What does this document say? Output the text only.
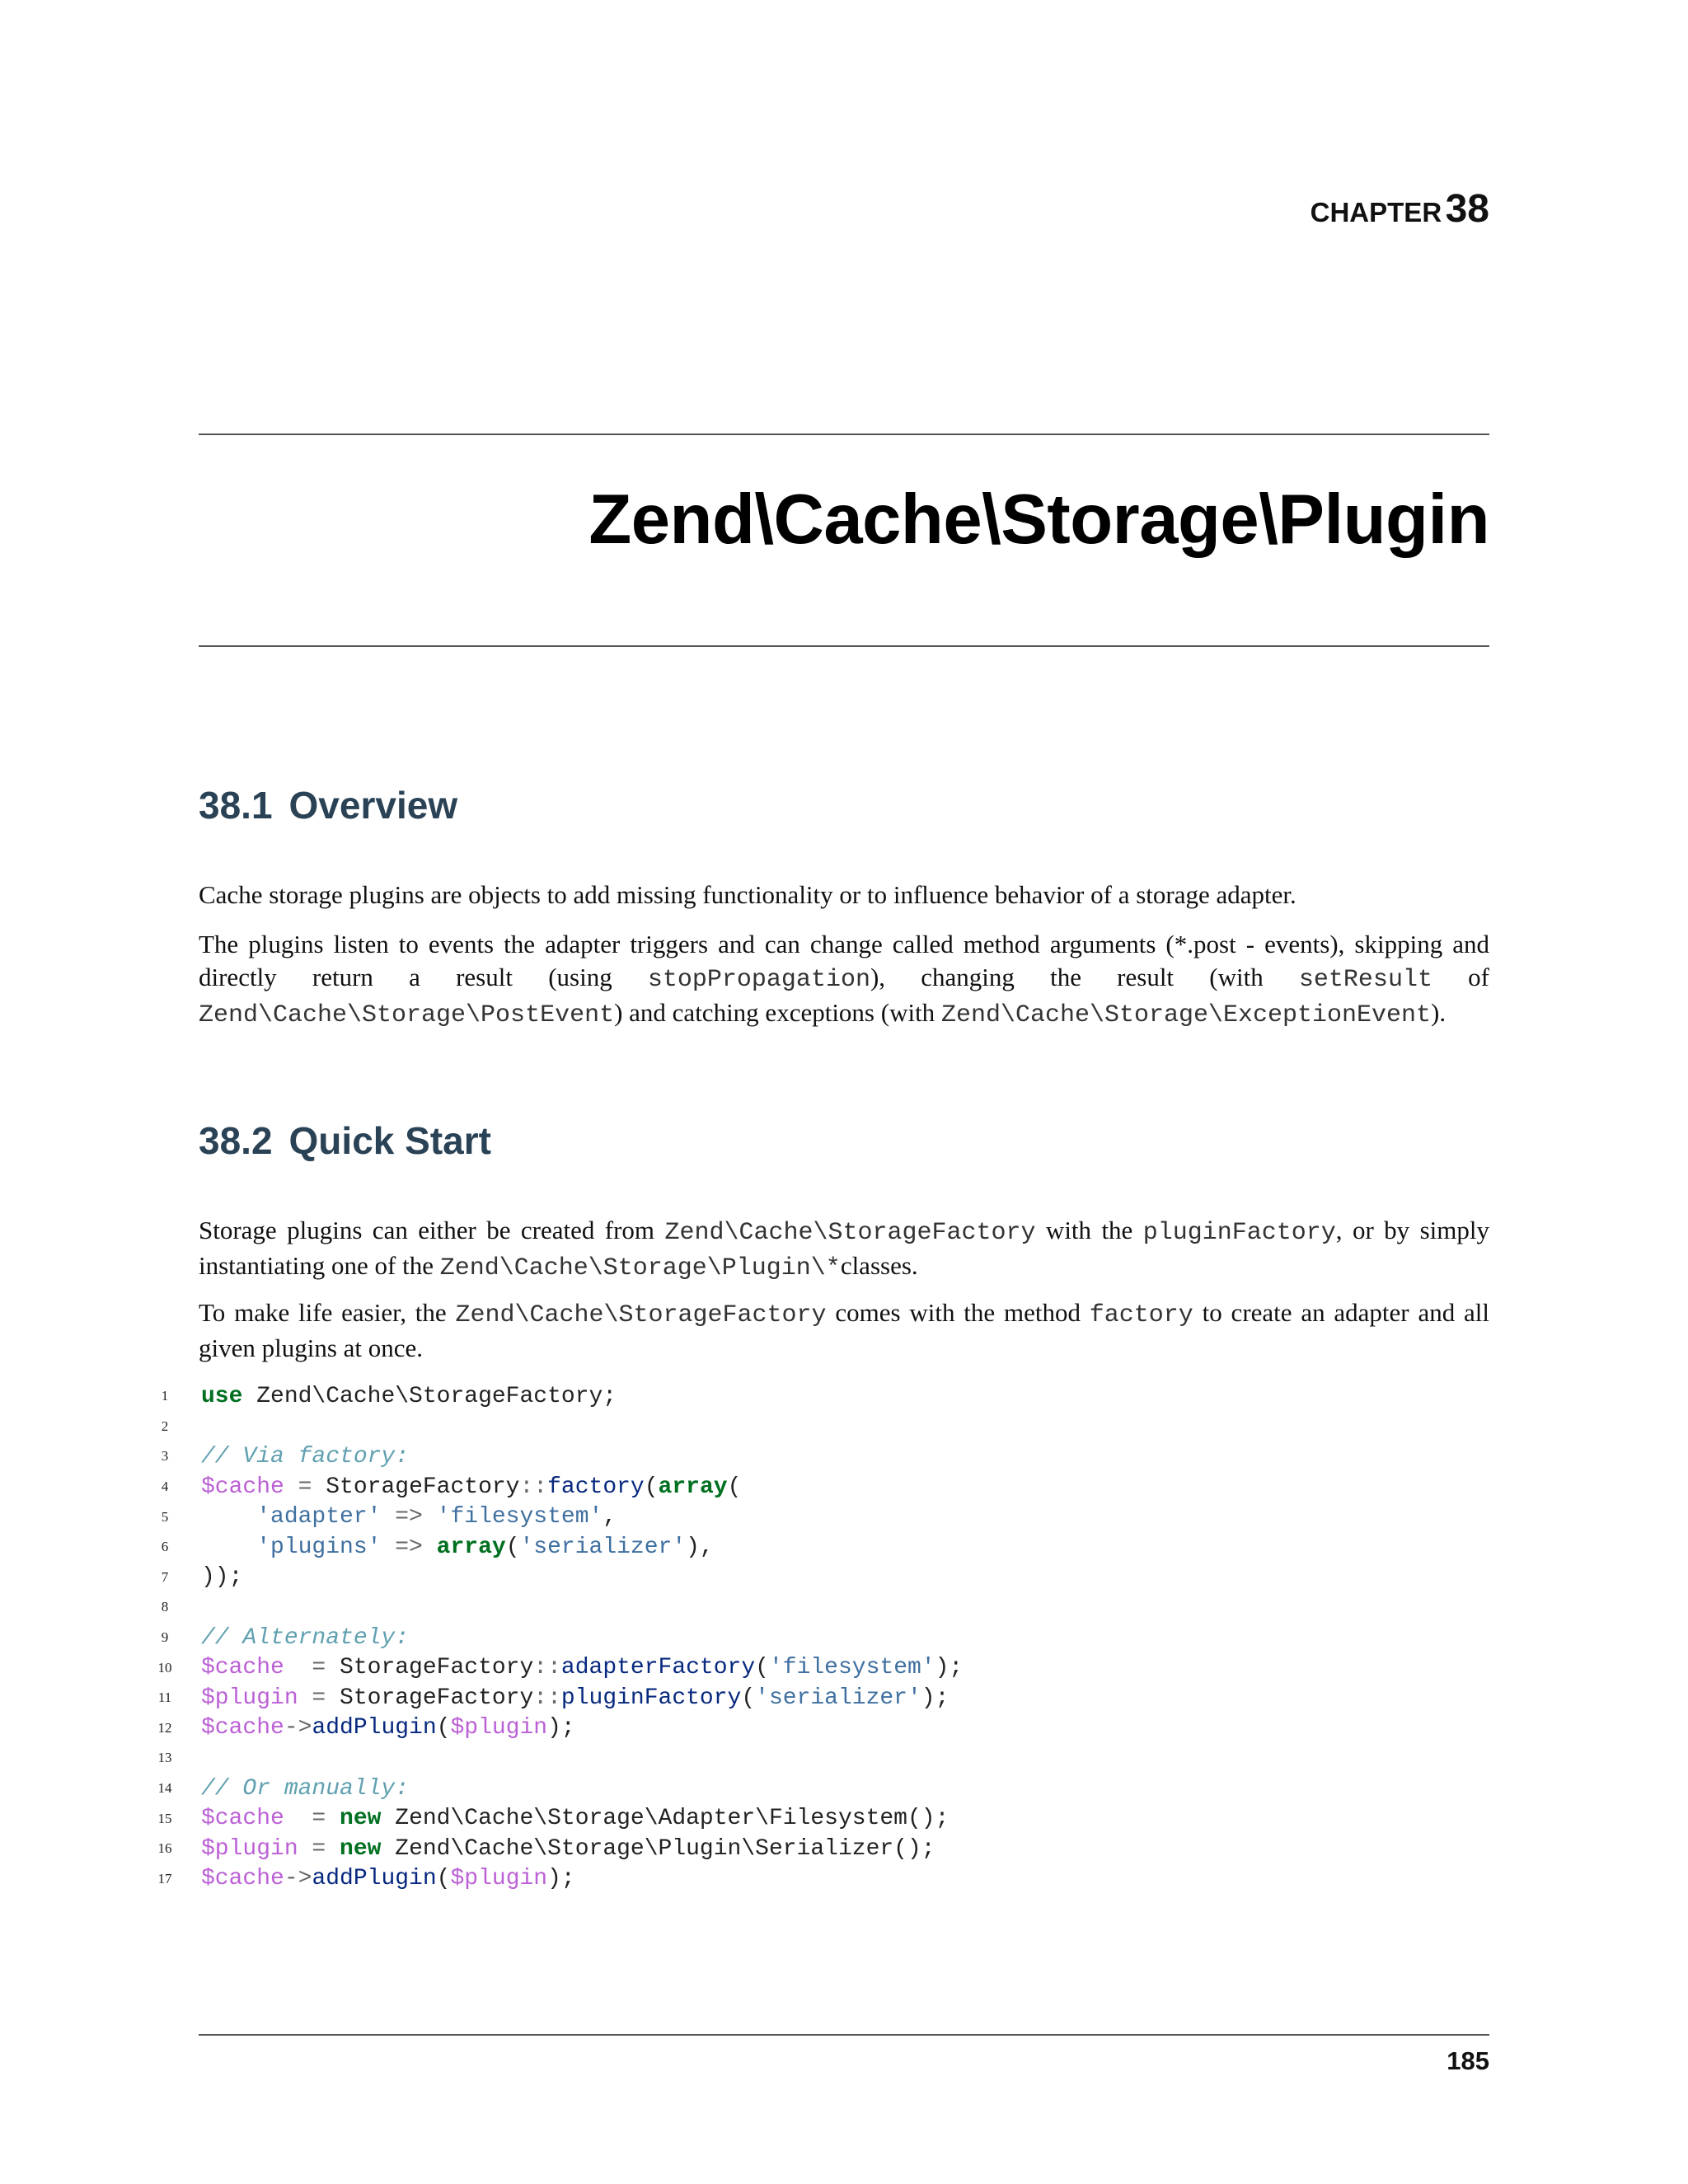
CHAPTER 38
Zend\Cache\Storage\Plugin
38.1 Overview

Cache storage plugins are objects to add missing functionality or to influence behavior of a storage adapter.

The plugins listen to events the adapter triggers and can change called method arguments (*.post - events), skipping and directly return a result (using stopPropagation), changing the result (with setResult of Zend\Cache\Storage\PostEvent) and catching exceptions (with Zend\Cache\Storage\ExceptionEvent).

38.2 Quick Start

Storage plugins can either be created from Zend\Cache\StorageFactory with the pluginFactory, or by simply instantiating one of the Zend\Cache\Storage\Plugin\*classes.

To make life easier, the Zend\Cache\StorageFactory comes with the method factory to create an adapter and all given plugins at once.

1	use Zend\Cache\StorageFactory;
2
3	// Via factory:
4	$cache = StorageFactory::factory(array(
5	'adapter' => 'filesystem',
6	'plugins' => array('serializer'),
7	));
8
9	// Alternately:
10	$cache  = StorageFactory::adapterFactory('filesystem');
11	$plugin = StorageFactory::pluginFactory('serializer');
12	$cache->addPlugin($plugin);
13
14	// Or manually:
15	$cache  = new Zend\Cache\Storage\Adapter\Filesystem();
16	$plugin = new Zend\Cache\Storage\Plugin\Serializer();
17	$cache->addPlugin($plugin);
185
